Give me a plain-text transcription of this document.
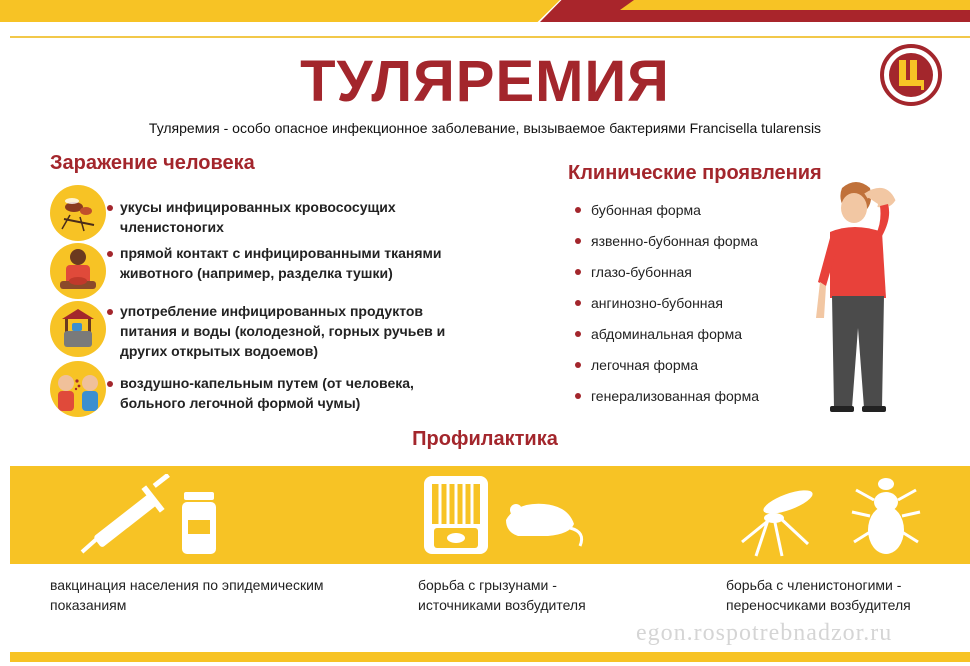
ТУЛЯРЕМИЯ
Туляремия - особо опасное инфекционное заболевание, вызываемое бактериями Francisella tularensis
Заражение человека
укусы инфицированных кровососущих членистоногих
прямой контакт с инфицированными тканями животного (например, разделка тушки)
употребление инфицированных продуктов питания и воды (колодезной, горных ручьев и других открытых водоемов)
воздушно-капельным путем (от человека, больного легочной формой чумы)
Клинические проявления
бубонная форма
язвенно-бубонная форма
глазо-бубонная
ангинозно-бубонная
абдоминальная форма
легочная форма
генерализованная форма
Профилактика
вакцинация населения по эпидемическим показаниям
борьба с грызунами - источниками возбудителя
борьба с членистоногими - переносчиками возбудителя
egon.rospotrebnadzor.ru
